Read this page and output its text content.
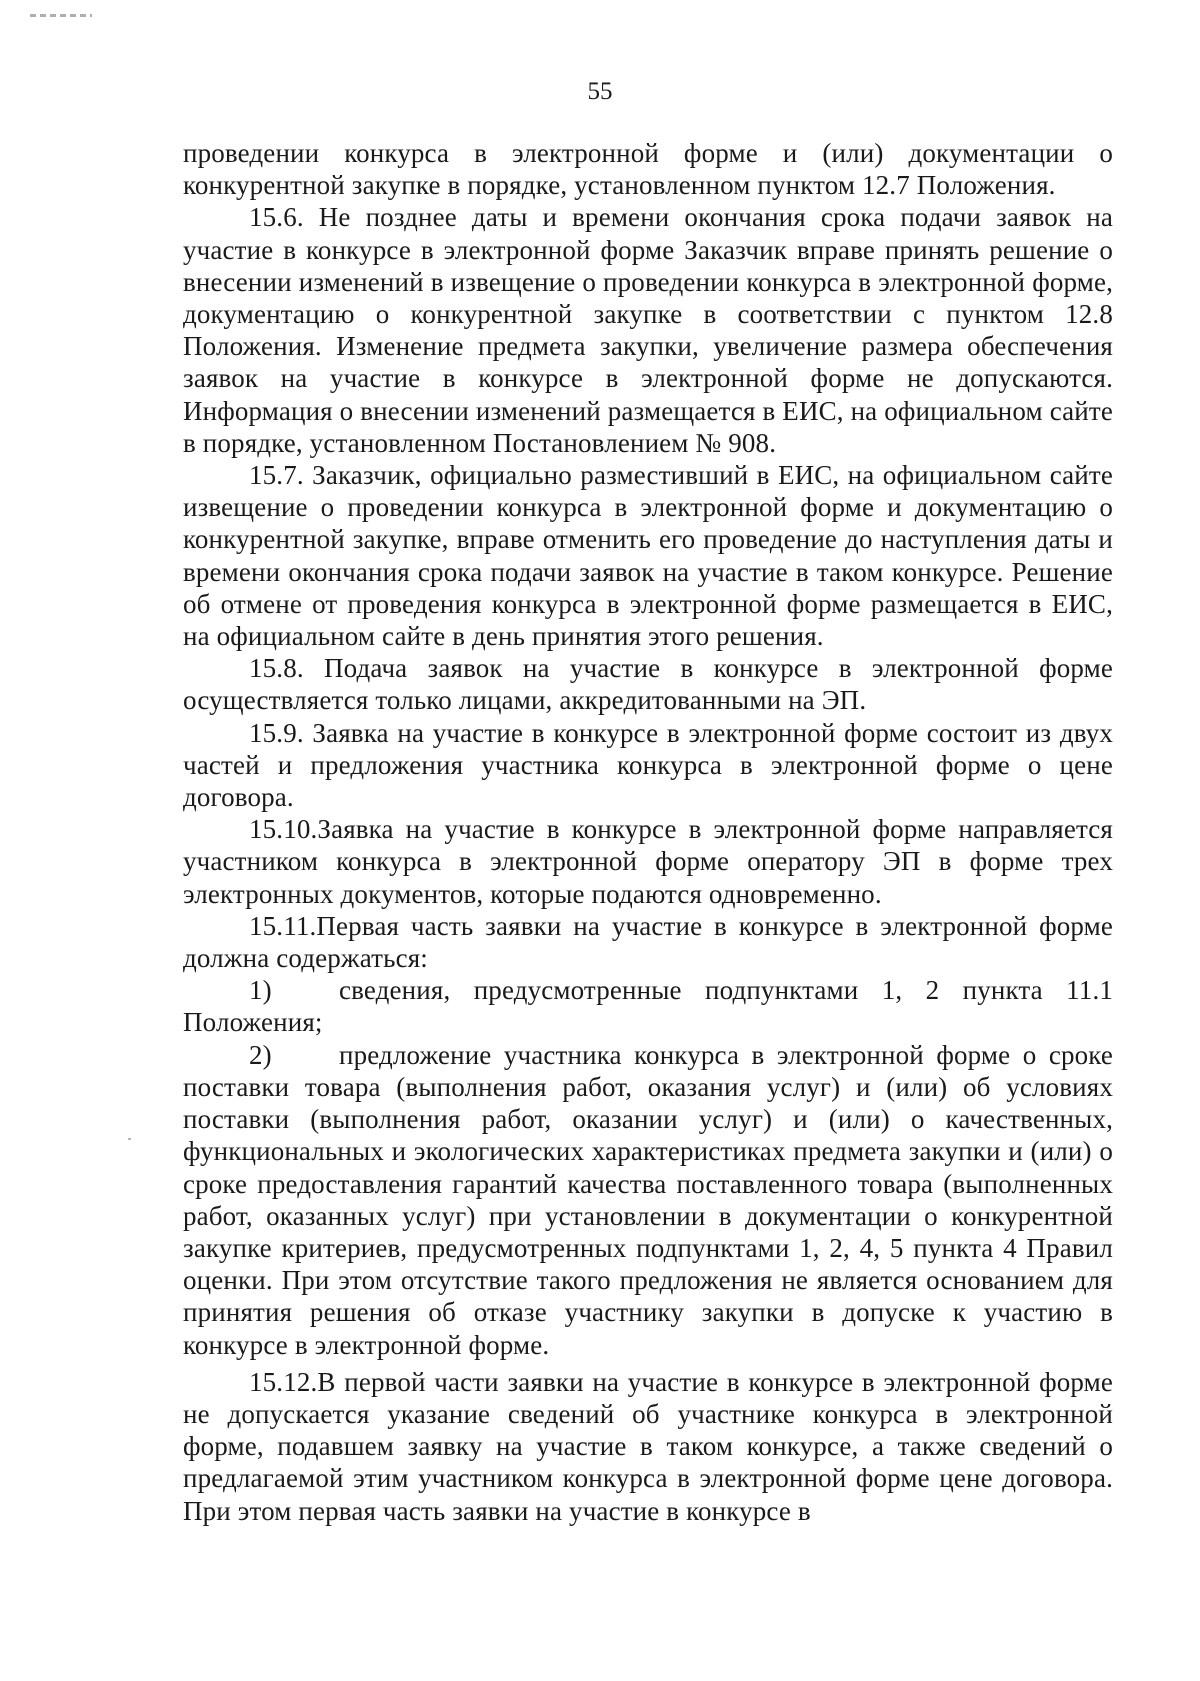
55

проведении конкурса в электронной форме и (или) документации о конкурентной закупке в порядке, установленном пунктом 12.7 Положения.

15.6. Не позднее даты и времени окончания срока подачи заявок на участие в конкурсе в электронной форме Заказчик вправе принять решение о внесении изменений в извещение о проведении конкурса в электронной форме, документацию о конкурентной закупке в соответствии с пунктом 12.8 Положения. Изменение предмета закупки, увеличение размера обеспечения заявок на участие в конкурсе в электронной форме не допускаются. Информация о внесении изменений размещается в ЕИС, на официальном сайте в порядке, установленном Постановлением № 908.

15.7. Заказчик, официально разместивший в ЕИС, на официальном сайте извещение о проведении конкурса в электронной форме и документацию о конкурентной закупке, вправе отменить его проведение до наступления даты и времени окончания срока подачи заявок на участие в таком конкурсе. Решение об отмене от проведения конкурса в электронной форме размещается в ЕИС, на официальном сайте в день принятия этого решения.

15.8. Подача заявок на участие в конкурсе в электронной форме осуществляется только лицами, аккредитованными на ЭП.

15.9. Заявка на участие в конкурсе в электронной форме состоит из двух частей и предложения участника конкурса в электронной форме о цене договора.

15.10.Заявка на участие в конкурсе в электронной форме направляется участником конкурса в электронной форме оператору ЭП в форме трех электронных документов, которые подаются одновременно.

15.11.Первая часть заявки на участие в конкурсе в электронной форме должна содержаться:

1) сведения, предусмотренные подпунктами 1, 2 пункта 11.1 Положения;

2) предложение участника конкурса в электронной форме о сроке поставки товара (выполнения работ, оказания услуг) и (или) об условиях поставки (выполнения работ, оказании услуг) и (или) о качественных, функциональных и экологических характеристиках предмета закупки и (или) о сроке предоставления гарантий качества поставленного товара (выполненных работ, оказанных услуг) при установлении в документации о конкурентной закупке критериев, предусмотренных подпунктами 1, 2, 4, 5 пункта 4 Правил оценки. При этом отсутствие такого предложения не является основанием для принятия решения об отказе участнику закупки в допуске к участию в конкурсе в электронной форме.

15.12.В первой части заявки на участие в конкурсе в электронной форме не допускается указание сведений об участнике конкурса в электронной форме, подавшем заявку на участие в таком конкурсе, а также сведений о предлагаемой этим участником конкурса в электронной форме цене договора. При этом первая часть заявки на участие в конкурсе в
